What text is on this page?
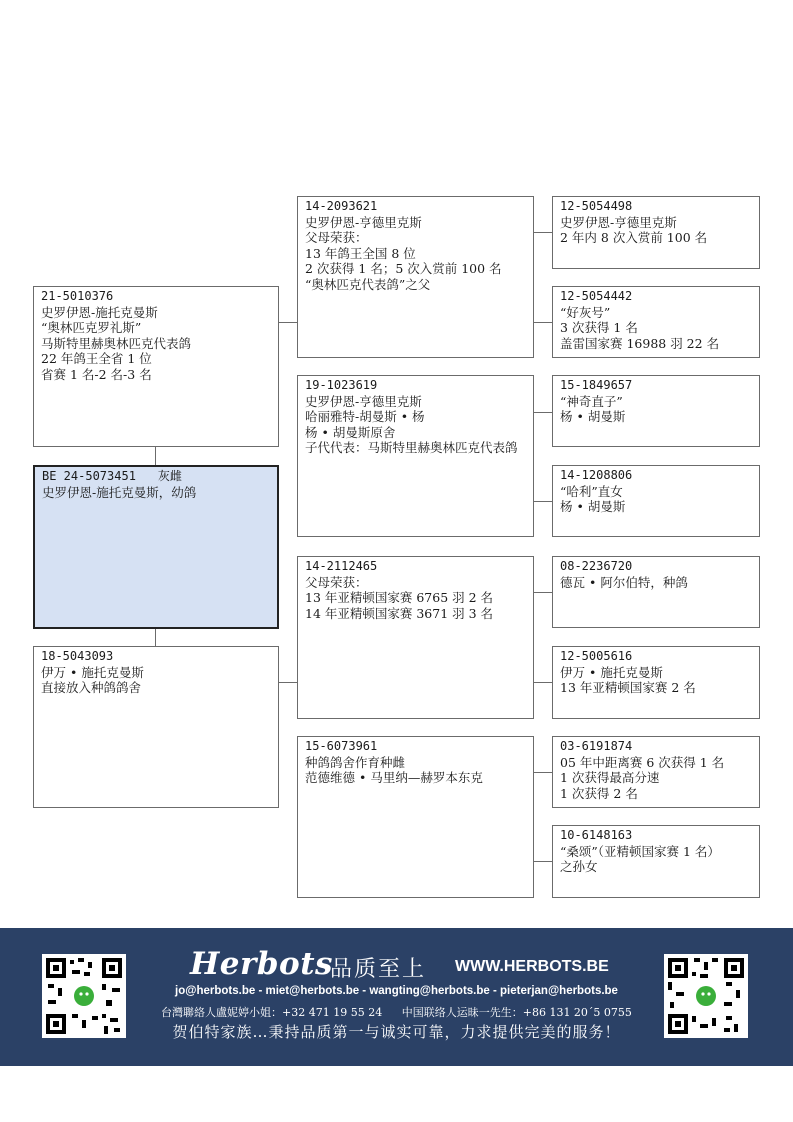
21-5010376
史罗伊恩-施托克曼斯
“奥林匹克罗礼斯”
马斯特里赫奥林匹克代表鸽
22 年鸽王全省 1 位
省赛 1 名-2 名-3 名
BE 24-5073451 灰雌
史罗伊恩-施托克曼斯，幼鸽
18-5043093
伊万 • 施托克曼斯
直接放入种鸽鸽舍
14-2093621
史罗伊恩-亨德里克斯
父母荣获：
13 年鸽王全国 8 位
2 次获得 1 名；5 次入赏前 100 名
“奥林匹克代表鸽”之父
19-1023619
史罗伊恩-亨德里克斯
哈丽雅特-胡曼斯 • 杨
杨 • 胡曼斯原舍
子代代表：马斯特里赫奥林匹克代表鸽
14-2112465
父母荣获：
13 年亚精顿国家赛 6765 羽 2 名
14 年亚精顿国家赛 3671 羽 3 名
15-6073961
种鸽鸽舍作育种雌
范德维德 • 马里纳—赫罗本东克
12-5054498
史罗伊恩-亨德里克斯
2 年内 8 次入赏前 100 名
12-5054442
“好灰号”
3 次获得 1 名
盖雷国家赛 16988 羽 22 名
15-1849657
“神奇直子”
杨 • 胡曼斯
14-1208806
“哈利”直女
杨 • 胡曼斯
08-2236720
德瓦 • 阿尔伯特，种鸽
12-5005616
伊万 • 施托克曼斯
13 年亚精顿国家赛 2 名
03-6191874
05 年中距离赛 6 次获得 1 名
1 次获得最高分速
1 次获得 2 名
10-6148163
“桑颂”（亚精顿国家赛 1 名）
之孙女
Herbots
品质至上 WWW.HERBOTS.BE
jo@herbots.be - miet@herbots.be - wangting@herbots.be - pieterjan@herbots.be
台灣聯絡人盧妮婷小姐：+32 471 19 55 24 中国联络人运昧一先生：+86 131 20´5 0755
贺伯特家族…秉持品质第一与诚实可靠，力求提供完美的服务！
